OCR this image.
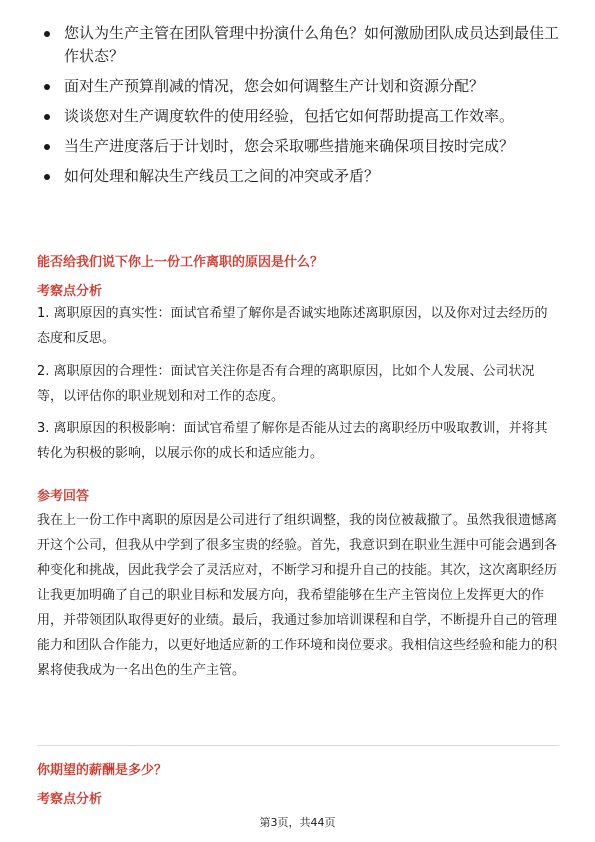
您认为生产主管在团队管理中扮演什么角色？如何激励团队成员达到最佳工作状态？
面对生产预算削减的情况，您会如何调整生产计划和资源分配？
谈谈您对生产调度软件的使用经验，包括它如何帮助提高工作效率。
当生产进度落后于计划时，您会采取哪些措施来确保项目按时完成？
如何处理和解决生产线员工之间的冲突或矛盾？
能否给我们说下你上一份工作离职的原因是什么？
考察点分析
1. 离职原因的真实性：面试官希望了解你是否诚实地陈述离职原因，以及你对过去经历的态度和反思。
2. 离职原因的合理性：面试官关注你是否有合理的离职原因，比如个人发展、公司状况等，以评估你的职业规划和对工作的态度。
3. 离职原因的积极影响：面试官希望了解你是否能从过去的离职经历中吸取教训，并将其转化为积极的影响，以展示你的成长和适应能力。
参考回答
我在上一份工作中离职的原因是公司进行了组织调整，我的岗位被裁撤了。虽然我很遗憾离开这个公司，但我从中学到了很多宝贵的经验。首先，我意识到在职业生涯中可能会遇到各种变化和挑战，因此我学会了灵活应对，不断学习和提升自己的技能。其次，这次离职经历让我更加明确了自己的职业目标和发展方向，我希望能够在生产主管岗位上发挥更大的作用，并带领团队取得更好的业绩。最后，我通过参加培训课程和自学，不断提升自己的管理能力和团队合作能力，以更好地适应新的工作环境和岗位要求。我相信这些经验和能力的积累将使我成为一名出色的生产主管。
你期望的薪酬是多少？
考察点分析
第3页，共44页
